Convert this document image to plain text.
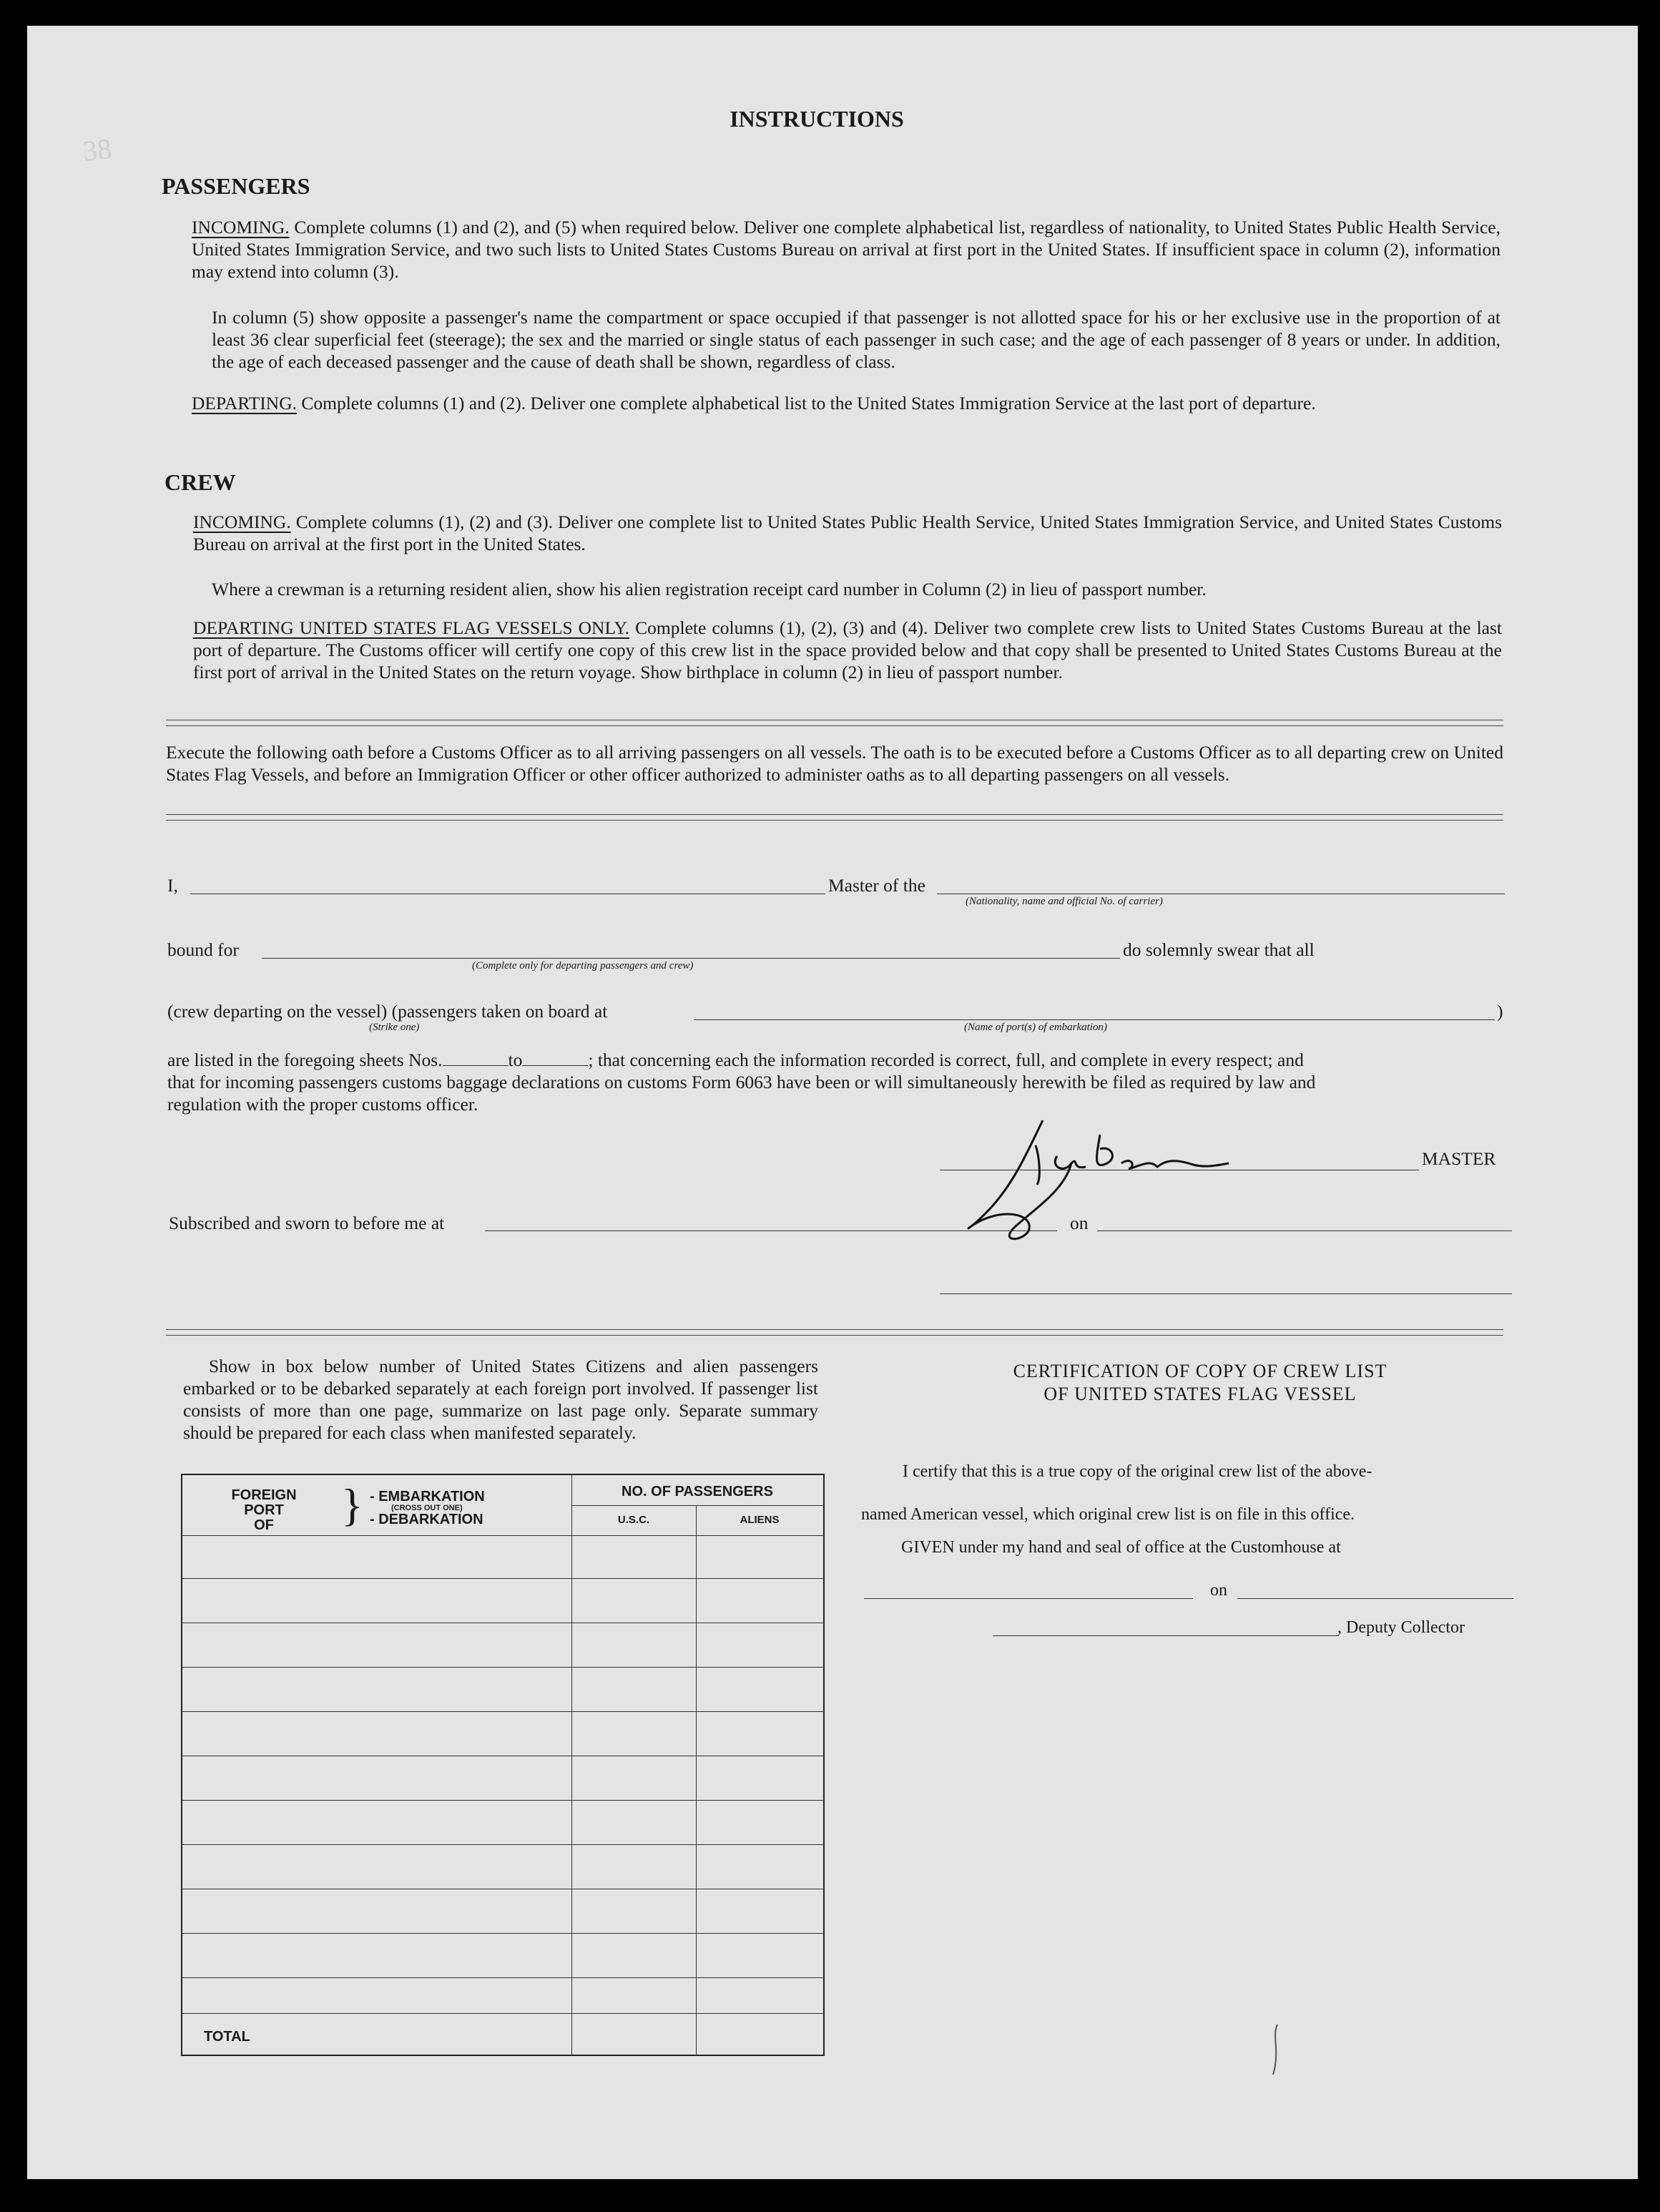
38
INSTRUCTIONS
PASSENGERS
INCOMING. Complete columns (1) and (2), and (5) when required below. Deliver one complete alphabetical list, regardless of nationality, to United States Public Health Service, United States Immigration Service, and two such lists to United States Customs Bureau on arrival at first port in the United States. If insufficient space in column (2), information may extend into column (3).
In column (5) show opposite a passenger's name the compartment or space occupied if that passenger is not allotted space for his or her exclusive use in the proportion of at least 36 clear superficial feet (steerage); the sex and the married or single status of each passenger in such case; and the age of each passenger of 8 years or under. In addition, the age of each deceased passenger and the cause of death shall be shown, regardless of class.
DEPARTING. Complete columns (1) and (2). Deliver one complete alphabetical list to the United States Immigration Service at the last port of departure.
CREW
INCOMING. Complete columns (1), (2) and (3). Deliver one complete list to United States Public Health Service, United States Immigration Service, and United States Customs Bureau on arrival at the first port in the United States.
Where a crewman is a returning resident alien, show his alien registration receipt card number in Column (2) in lieu of passport number.
DEPARTING UNITED STATES FLAG VESSELS ONLY. Complete columns (1), (2), (3) and (4). Deliver two complete crew lists to United States Customs Bureau at the last port of departure. The Customs officer will certify one copy of this crew list in the space provided below and that copy shall be presented to United States Customs Bureau at the first port of arrival in the United States on the return voyage. Show birthplace in column (2) in lieu of passport number.
Execute the following oath before a Customs Officer as to all arriving passengers on all vessels. The oath is to be executed before a Customs Officer as to all departing crew on United States Flag Vessels, and before an Immigration Officer or other officer authorized to administer oaths as to all departing passengers on all vessels.
I,	Master of the
(Nationality, name and official No. of carrier)
bound for
(Complete only for departing passengers and crew)
do solemnly swear that all
(crew departing on the vessel) (passengers taken on board at	)
(Strike one)	(Name of port(s) of embarkation)
are listed in the foregoing sheets Nos.	to	; that concerning each the information recorded is correct, full, and complete in every respect; and
that for incoming passengers customs baggage declarations on customs Form 6063 have been or will simultaneously herewith be filed as required by law and
regulation with the proper customs officer.
A. La Belle
MASTER
Subscribed and sworn to before me at	on
Show in box below number of United States Citizens and alien passengers embarked or to be debarked separately at each foreign port involved. If passenger list consists of more than one page, summarize on last page only. Separate summary should be prepared for each class when manifested separately.
FOREIGN
PORT
OF	} - EMBARKATION
(CROSS OUT ONE)
- DEBARKATION
NO. OF PASSENGERS
U.S.C.	ALIENS
TOTAL
CERTIFICATION OF COPY OF CREW LIST
OF UNITED STATES FLAG VESSEL
I certify that this is a true copy of the original crew list of the above-
named American vessel, which original crew list is on file in this office.
GIVEN under my hand and seal of office at the Customhouse at
on
, Deputy Collector
